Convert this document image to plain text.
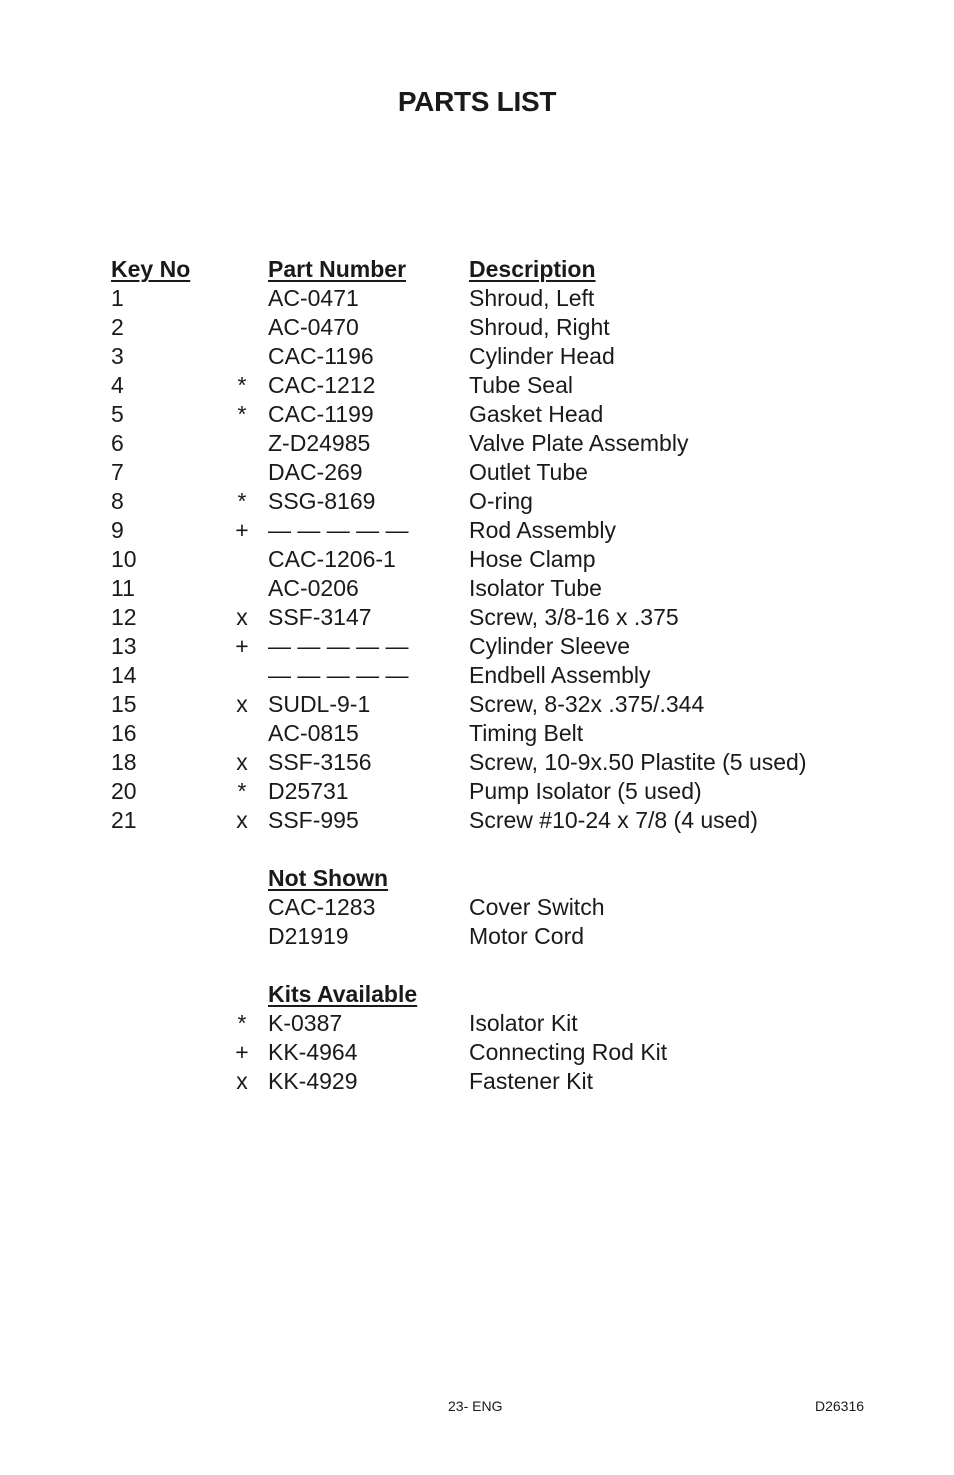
PARTS LIST
Key No	Part Number	Description
1	AC-0471	Shroud, Left
2	AC-0470	Shroud, Right
3	CAC-1196	Cylinder Head
4	* CAC-1212	Tube Seal
5	* CAC-1199	Gasket Head
6	Z-D24985	Valve Plate Assembly
7	DAC-269	Outlet Tube
8	* SSG-8169	O-ring
9	+ — — — — —	Rod Assembly
10	CAC-1206-1	Hose Clamp
11	AC-0206	Isolator Tube
12	x SSF-3147	Screw, 3/8-16 x .375
13	+ — — — — —	Cylinder Sleeve
14	— — — — —	Endbell Assembly
15	x SUDL-9-1	Screw, 8-32x .375/.344
16	AC-0815	Timing Belt
18	x SSF-3156	Screw, 10-9x.50 Plastite (5 used)
20	* D25731	Pump Isolator (5 used)
21	x SSF-995	Screw #10-24 x 7/8 (4 used)
Not Shown
CAC-1283	Cover Switch
D21919	Motor Cord
Kits Available
* K-0387	Isolator Kit
+ KK-4964	Connecting Rod Kit
x KK-4929	Fastener Kit
23- ENG	D26316
